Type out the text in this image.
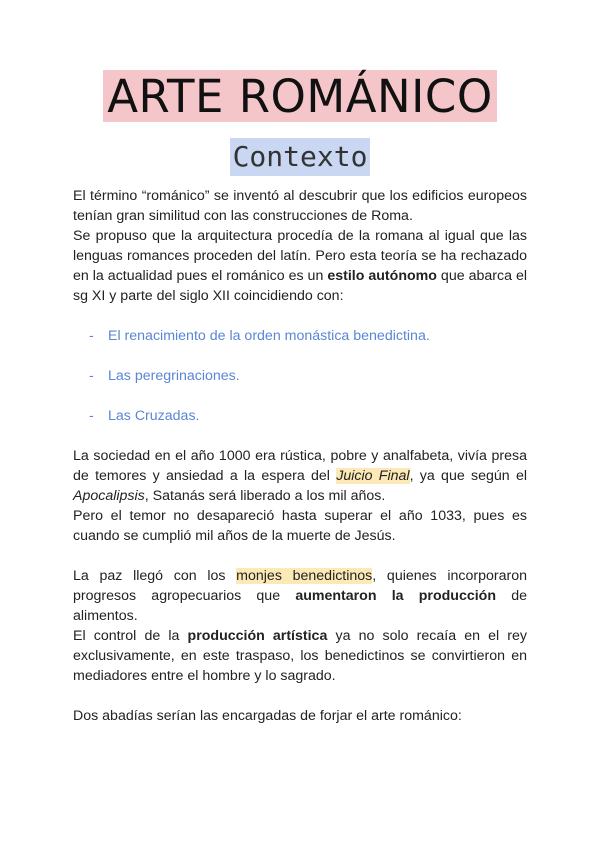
ARTE ROMÁNICO
Contexto

El término “románico” se inventó al descubrir que los edificios europeos tenían gran similitud con las construcciones de Roma.

Se propuso que la arquitectura procedía de la romana al igual que las lenguas romances proceden del latín. Pero esta teoría se ha rechazado en la actualidad pues el románico es un estilo autónomo que abarca el sg XI y parte del siglo XII coincidiendo con:

- El renacimiento de la orden monástica benedictina.
- Las peregrinaciones.
- Las Cruzadas.

La sociedad en el año 1000 era rústica, pobre y analfabeta, vivía presa de temores y ansiedad a la espera del Juicio Final, ya que según el Apocalipsis, Satanás será liberado a los mil años.

Pero el temor no desapareció hasta superar el año 1033, pues es cuando se cumplió mil años de la muerte de Jesús.

La paz llegó con los monjes benedictinos, quienes incorporaron progresos agropecuarios que aumentaron la producción de alimentos.

El control de la producción artística ya no solo recaía en el rey exclusivamente, en este traspaso, los benedictinos se convirtieron en mediadores entre el hombre y lo sagrado.

Dos abadías serían las encargadas de forjar el arte románico:
